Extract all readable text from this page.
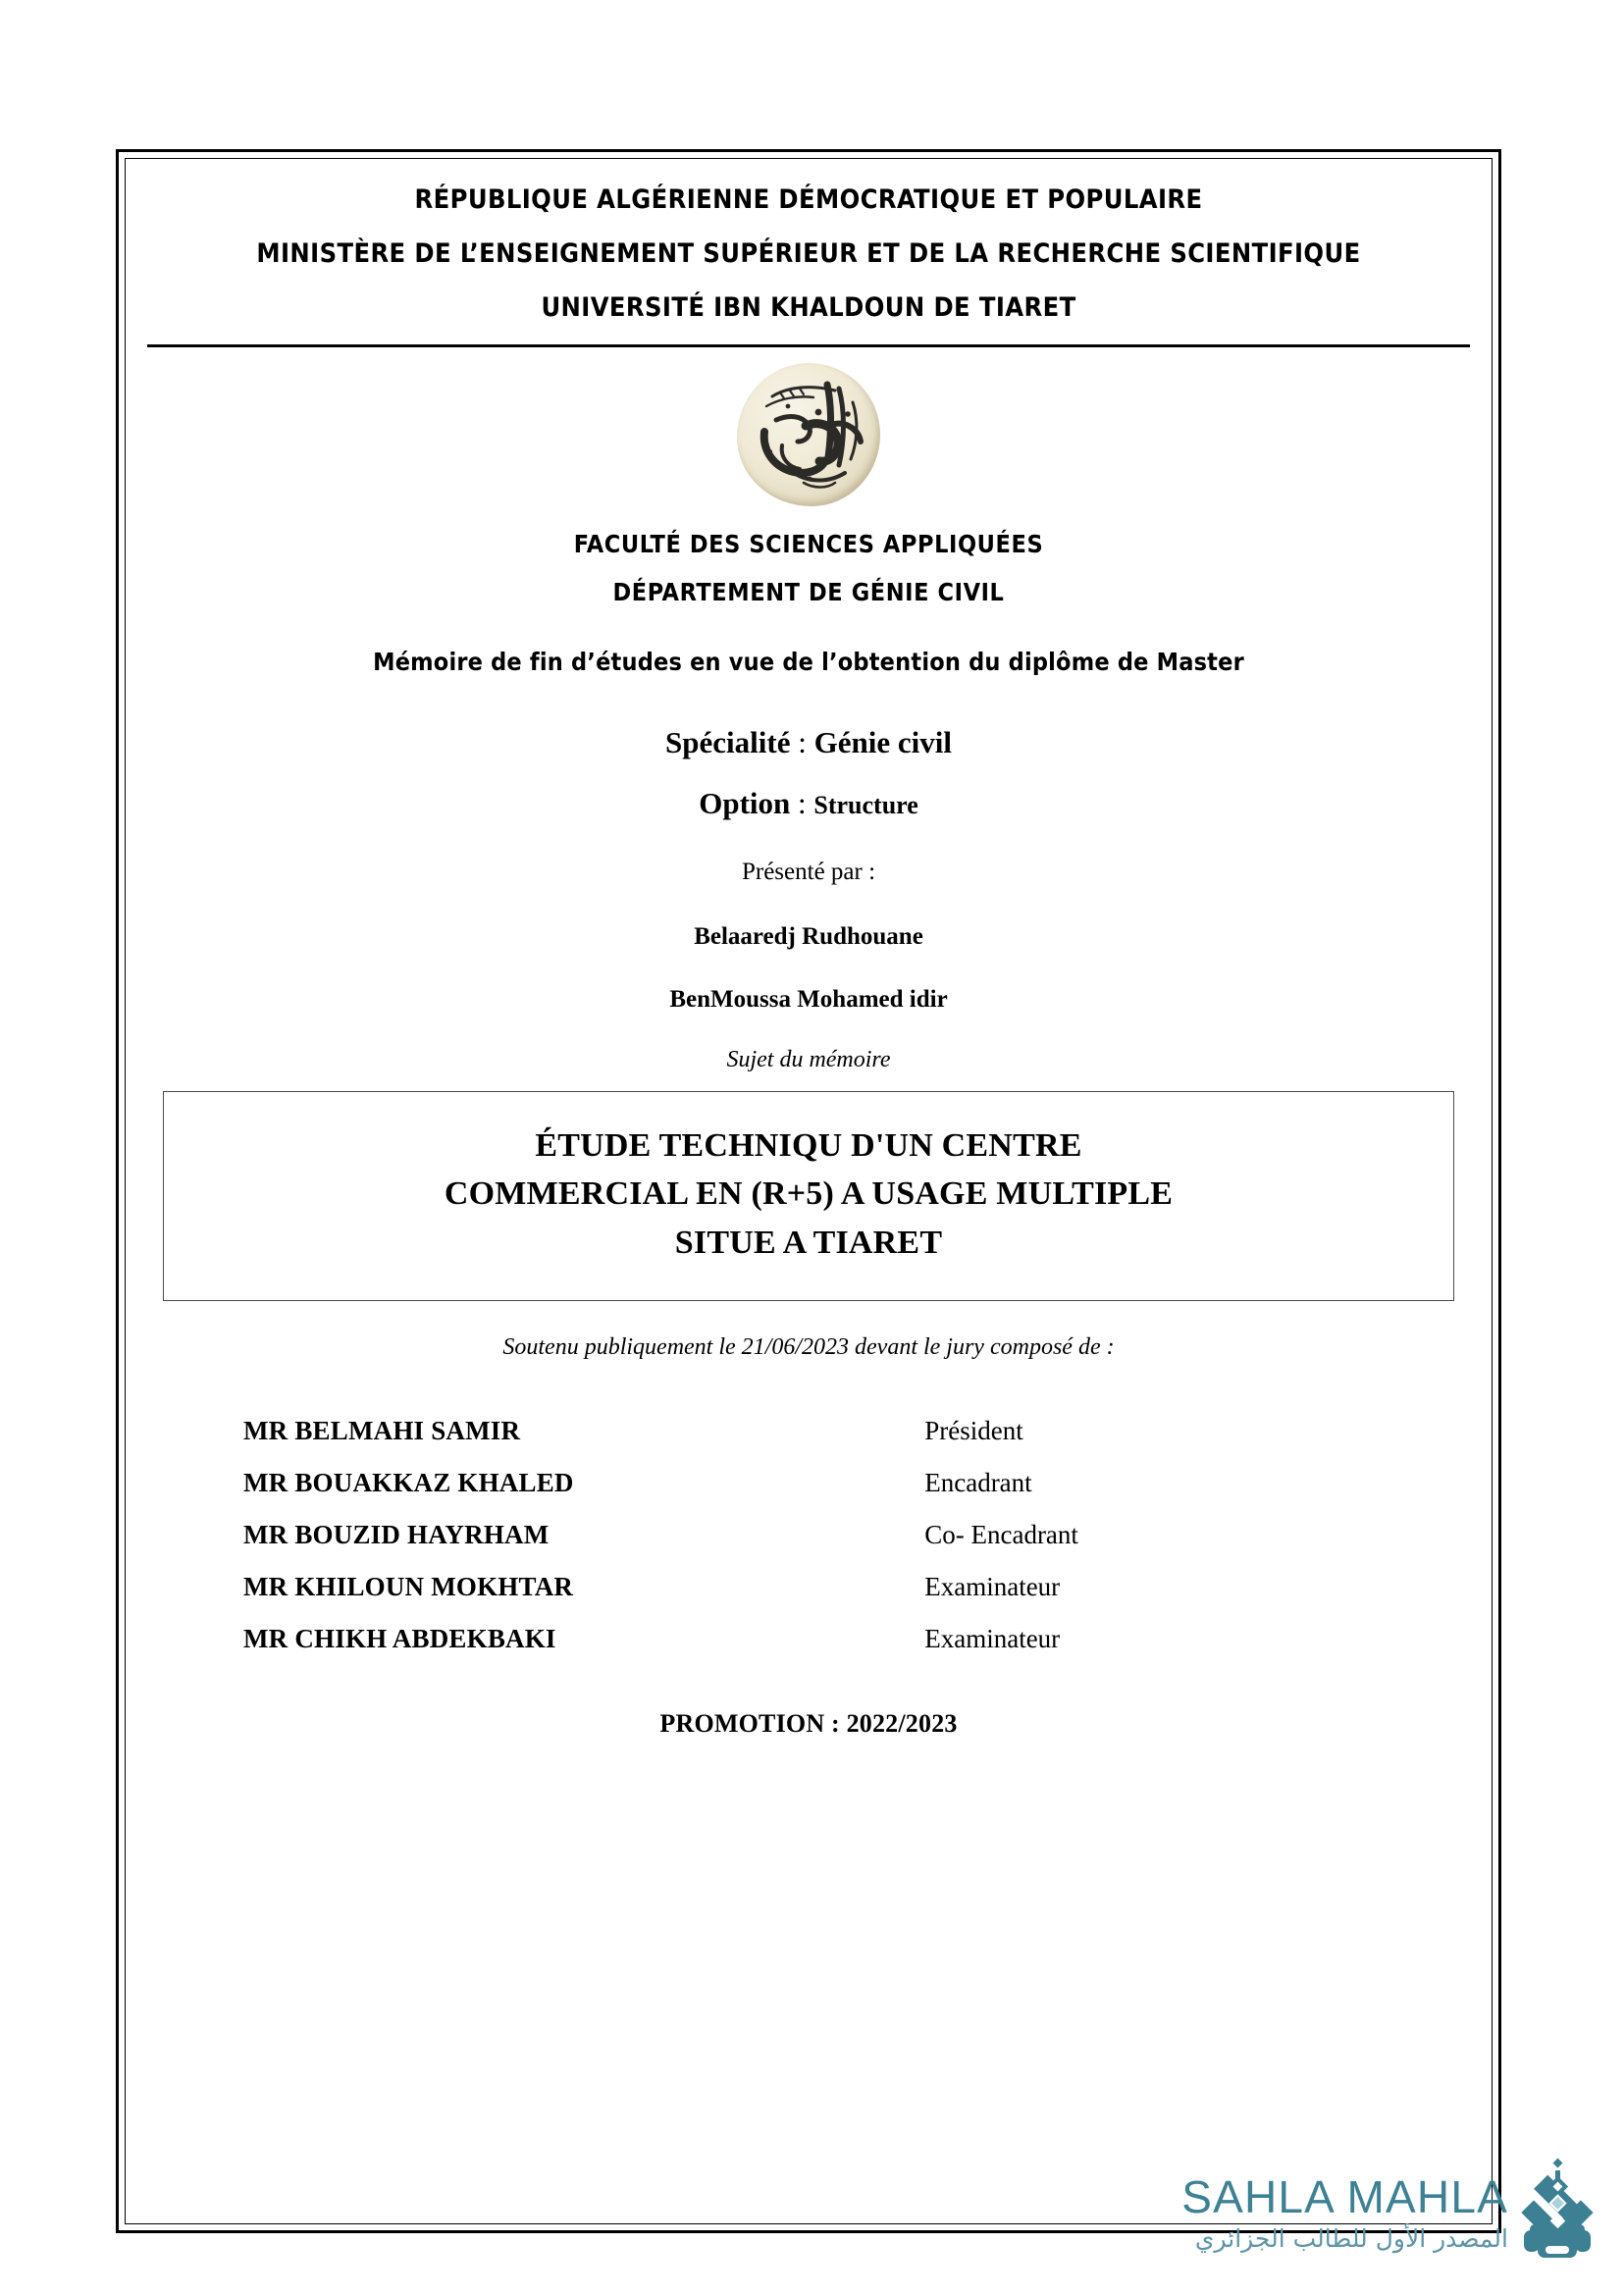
RÉPUBLIQUE ALGÉRIENNE DÉMOCRATIQUE ET POPULAIRE
MINISTÈRE DE L’ENSEIGNEMENT SUPÉRIEUR ET DE LA RECHERCHE SCIENTIFIQUE
UNIVERSITÉ IBN KHALDOUN DE TIARET
FACULTÉ DES SCIENCES APPLIQUÉES
DÉPARTEMENT DE GÉNIE CIVIL
Mémoire de fin d’études en vue de l’obtention du diplôme de Master
Spécialité : Génie civil
Option : Structure
Présenté par :
Belaaredj Rudhouane
BenMoussa Mohamed idir
Sujet du mémoire
ÉTUDE TECHNIQU D'UN CENTRE
COMMERCIAL EN (R+5) A USAGE MULTIPLE
SITUE A TIARET
Soutenu publiquement le 21/06/2023 devant le jury composé de :
MR BELMAHI SAMIR	Président
MR BOUAKKAZ KHALED	Encadrant
MR BOUZID HAYRHAM	Co- Encadrant
MR KHILOUN MOKHTAR	Examinateur
MR CHIKH ABDEKBAKI	Examinateur
PROMOTION : 2022/2023
SAHLA MAHLA
المصدر الأول للطالب الجزائري
